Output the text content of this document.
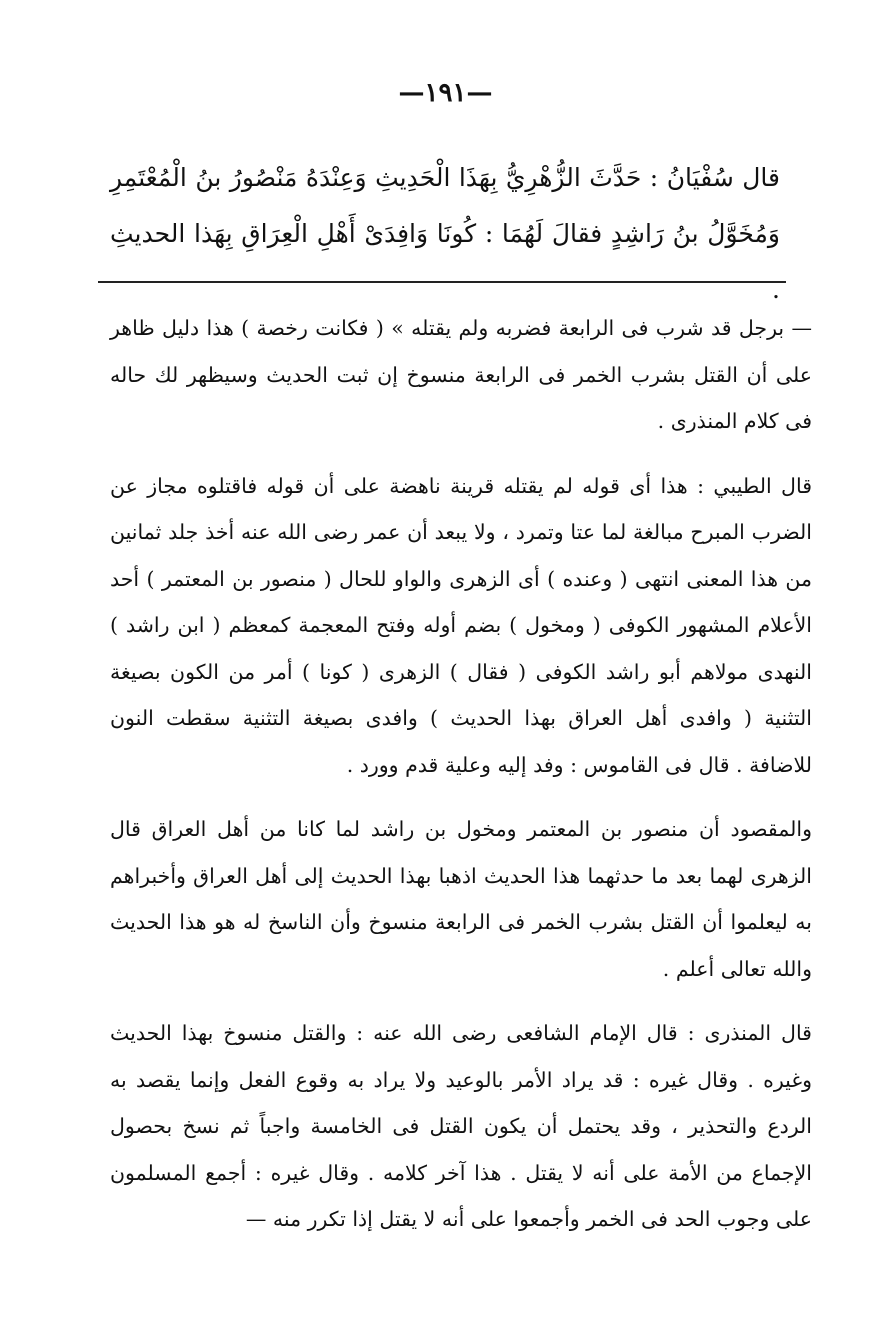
—١٩١—
قال سُفْيَانُ : حَدَّثَ الزُّهْرِيُّ بِهَذَا الْحَدِيثِ وَعِنْدَهُ مَنْصُورُ بنُ الْمُعْتَمِرِ وَمُخَوَّلُ بنُ رَاشِدٍ فقالَ لَهُمَا : كُونَا وَافِدَىْ أَهْلِ الْعِرَاقِ بِهَذا الحديثِ .

— برجل قد شرب فى الرابعة فضربه ولم يقتله » ( فكانت رخصة ) هذا دليل ظاهر على أن القتل بشرب الخمر فى الرابعة منسوخ إن ثبت الحديث وسيظهر لك حاله فى كلام المنذرى .

قال الطيبي : هذا أى قوله لم يقتله قرينة ناهضة على أن قوله فاقتلوه مجاز عن الضرب المبرح مبالغة لما عتا وتمرد ، ولا يبعد أن عمر رضى الله عنه أخذ جلد ثمانين من هذا المعنى انتهى ( وعنده ) أى الزهرى والواو للحال ( منصور بن المعتمر ) أحد الأعلام المشهور الكوفى ( ومخول ) بضم أوله وفتح المعجمة كمعظم ( ابن راشد ) النهدى مولاهم أبو راشد الكوفى ( فقال ) الزهرى ( كونا ) أمر من الكون بصيغة التثنية ( وافدى أهل العراق بهذا الحديث ) وافدى بصيغة التثنية سقطت النون للاضافة . قال فى القاموس : وفد إليه وعلية قدم وورد .

والمقصود أن منصور بن المعتمر ومخول بن راشد لما كانا من أهل العراق قال الزهرى لهما بعد ما حدثهما هذا الحديث اذهبا بهذا الحديث إلى أهل العراق وأخبراهم به ليعلموا أن القتل بشرب الخمر فى الرابعة منسوخ وأن الناسخ له هو هذا الحديث والله تعالى أعلم .

قال المنذرى : قال الإمام الشافعى رضى الله عنه : والقتل منسوخ بهذا الحديث وغيره . وقال غيره : قد يراد الأمر بالوعيد ولا يراد به وقوع الفعل وإنما يقصد به الردع والتحذير ، وقد يحتمل أن يكون القتل فى الخامسة واجباً ثم نسخ بحصول الإجماع من الأمة على أنه لا يقتل . هذا آخر كلامه . وقال غيره : أجمع المسلمون على وجوب الحد فى الخمر وأجمعوا على أنه لا يقتل إذا تكرر منه —
